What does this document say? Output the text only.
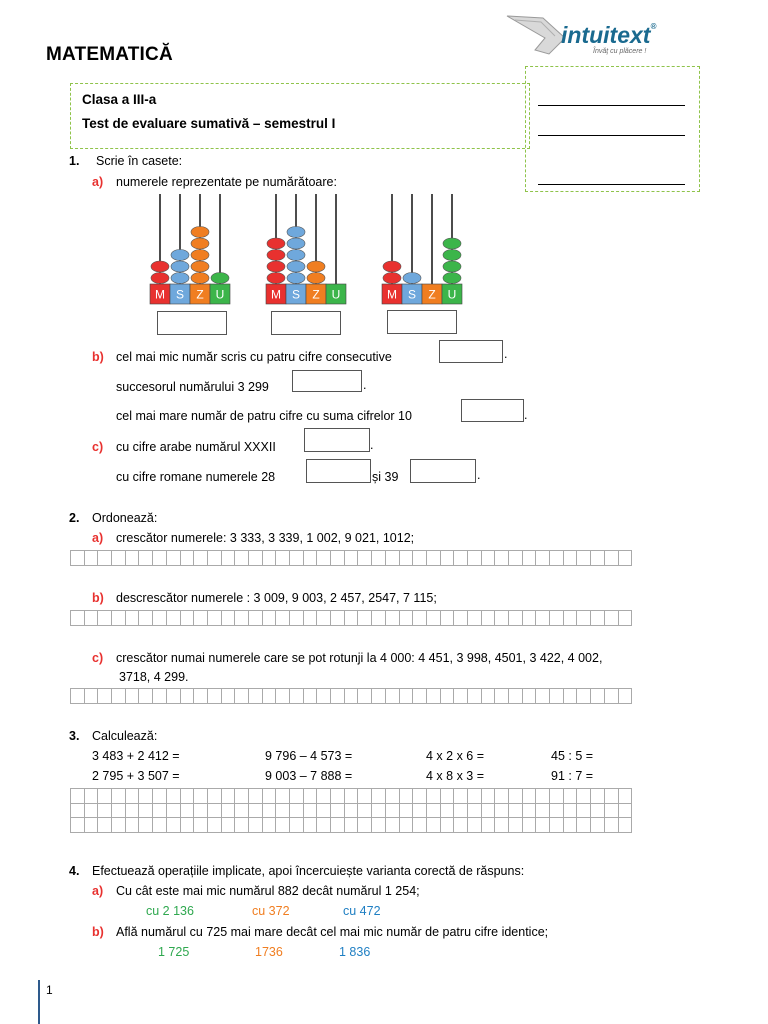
intuitext®
Învăţ cu plăcere !
MATEMATICĂ
Clasa a III-a
Test de evaluare sumativă – semestrul I
1. Scrie în casete:
a) numerele reprezentate pe numărătoare:
M S Z U	M S Z U	M S Z U
b) cel mai mic număr scris cu patru cifre consecutive	.
succesorul numărului 3 299	.
cel mai mare număr de patru cifre cu suma cifrelor 10	.
c) cu cifre arabe numărul XXXII	.
cu cifre romane numerele 28	și 39	.
2. Ordonează:
a) crescător numerele: 3 333, 3 339, 1 002, 9 021, 1012;

b) descrescător numerele : 3 009, 9 003, 2 457, 2547, 7 115;

c) crescător numai numerele care se pot rotunji la 4 000: 4 451, 3 998, 4501, 3 422, 4 002,
3718, 4 299.

3. Calculează:
3 483 + 2 412 =	9 796 – 4 573 =	4 x 2 x 6 =	45 : 5 =
2 795 + 3 507 =	9 003 – 7 888 =	4 x 8 x 3 =	91 : 7 =

4. Efectuează operațiile implicate, apoi încercuiește varianta corectă de răspuns:
a) Cu cât este mai mic numărul 882 decât numărul 1 254;
cu 2 136	cu 372	cu 472
b) Află numărul cu 725 mai mare decât cel mai mic număr de patru cifre identice;
1 725	1736	1 836
1
